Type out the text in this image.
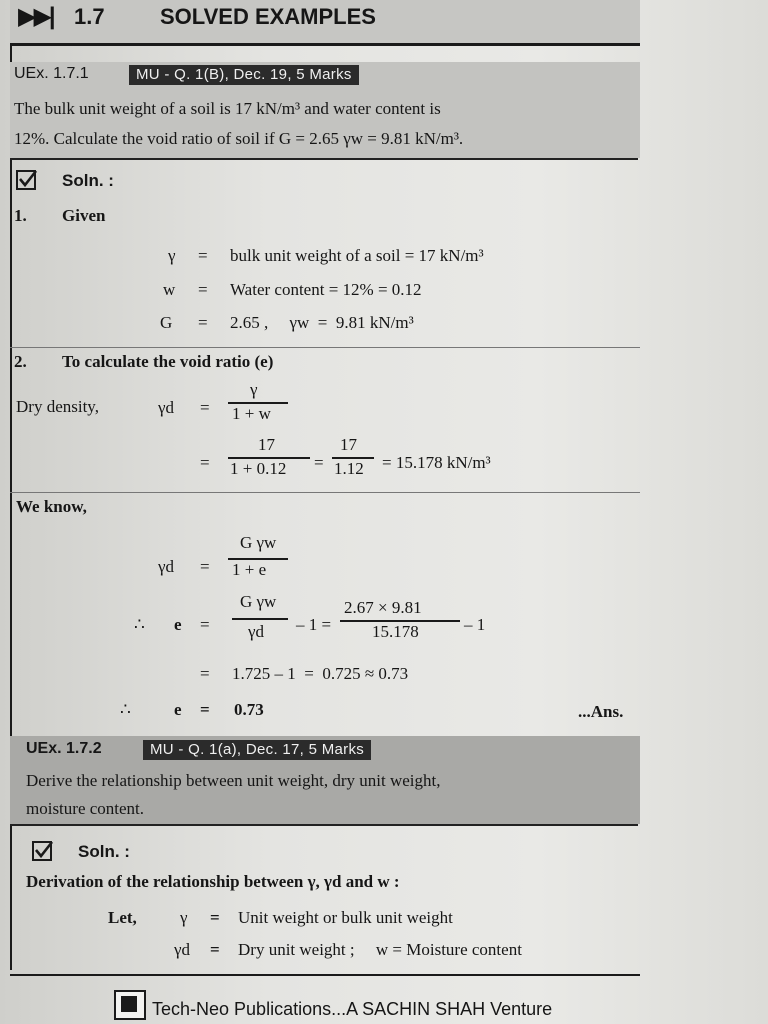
▶▶| 1.7	SOLVED EXAMPLES
UEx. 1.7.1	MU - Q. 1(B), Dec. 19, 5 Marks
The bulk unit weight of a soil is 17 kN/m³ and water content is
12%. Calculate the void ratio of soil if G = 2.65 γw = 9.81 kN/m³.
Soln. :
1. Given
γ = bulk unit weight of a soil = 17 kN/m³
w = Water content = 12% = 0.12
G = 2.65 ,     γw  =  9.81 kN/m³
2. To calculate the void ratio (e)
Dry density,	γd =
γ
1 + w
=
17
1 + 0.12 =
17
1.12 = 15.178 kN/m³
We know,
γd =
G γw
1 + e
∴ e =
G γw
γd – 1 =
2.67 × 9.81
15.178	– 1
= 1.725 – 1  =  0.725 ≈ 0.73
∴	e = 0.73	...Ans.
UEx. 1.7.2	MU - Q. 1(a), Dec. 17, 5 Marks
Derive the relationship between unit weight, dry unit weight,
moisture content.
Soln. :
Derivation of the relationship between γ, γd and w :
Let,	γ = Unit weight or bulk unit weight
γd = Dry unit weight ;     w = Moisture content
Tech-Neo Publications...A SACHIN SHAH Venture
